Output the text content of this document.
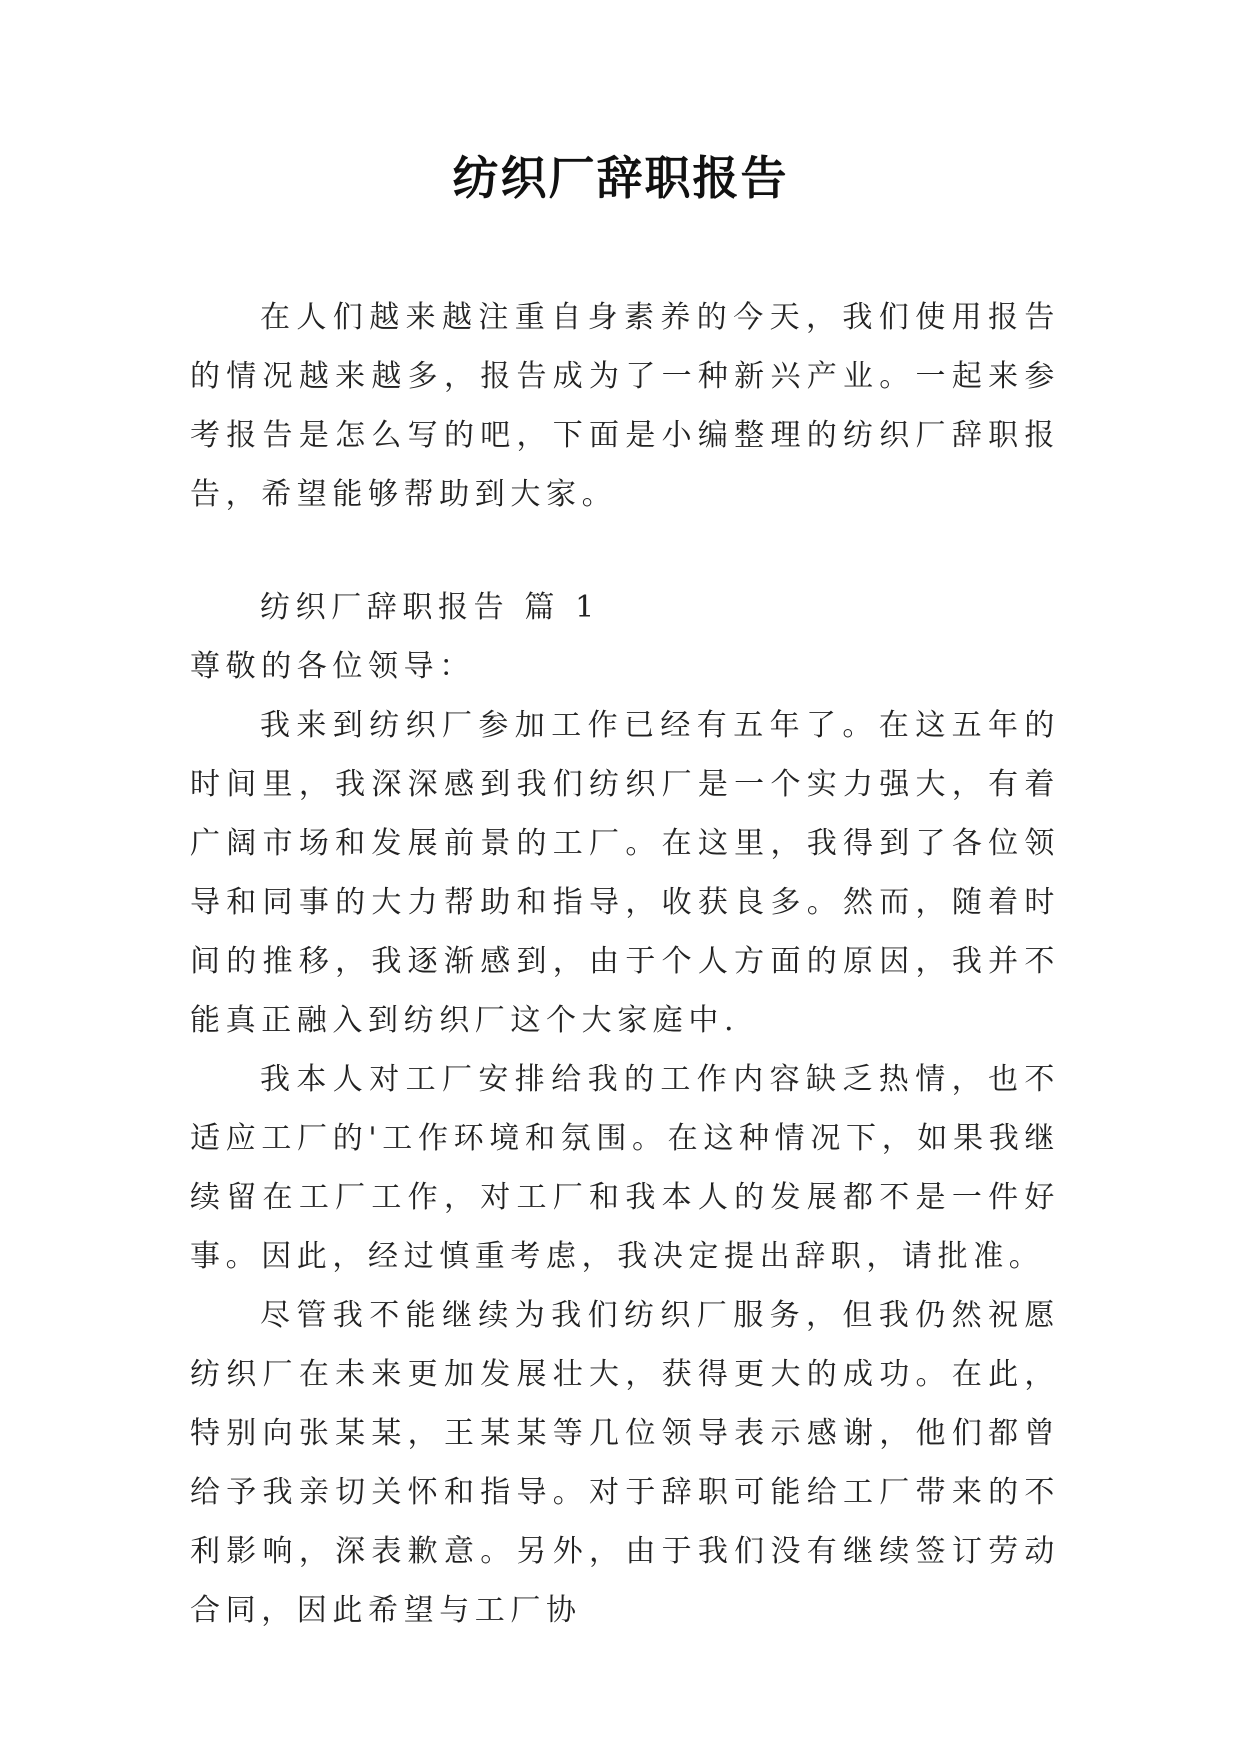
纺织厂辞职报告

在人们越来越注重自身素养的今天，我们使用报告的情况越来越多，报告成为了一种新兴产业。一起来参考报告是怎么写的吧，下面是小编整理的纺织厂辞职报告，希望能够帮助到大家。

纺织厂辞职报告 篇 1

尊敬的各位领导：

我来到纺织厂参加工作已经有五年了。在这五年的时间里，我深深感到我们纺织厂是一个实力强大，有着广阔市场和发展前景的工厂。在这里，我得到了各位领导和同事的大力帮助和指导，收获良多。然而，随着时间的推移，我逐渐感到，由于个人方面的原因，我并不能真正融入到纺织厂这个大家庭中.

我本人对工厂安排给我的工作内容缺乏热情，也不适应工厂的'工作环境和氛围。在这种情况下，如果我继续留在工厂工作，对工厂和我本人的发展都不是一件好事。因此，经过慎重考虑，我决定提出辞职，请批准。

尽管我不能继续为我们纺织厂服务，但我仍然祝愿纺织厂在未来更加发展壮大，获得更大的成功。在此，特别向张某某，王某某等几位领导表示感谢，他们都曾给予我亲切关怀和指导。对于辞职可能给工厂带来的不利影响，深表歉意。另外，由于我们没有继续签订劳动合同，因此希望与工厂协
